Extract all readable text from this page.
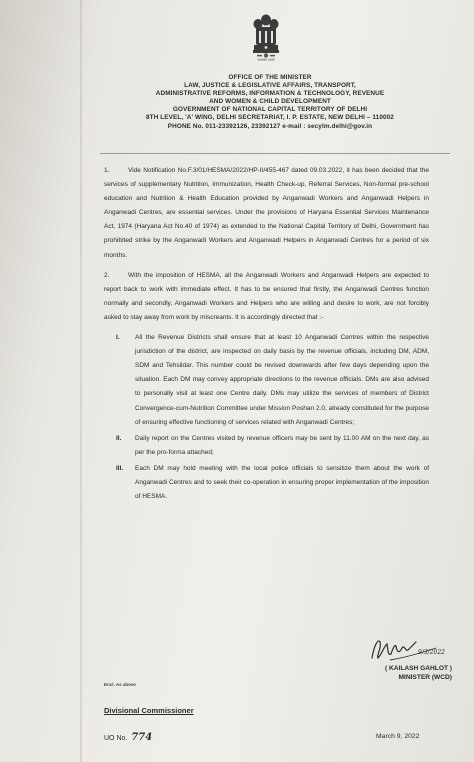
सत्यमेव जयते
OFFICE OF THE MINISTER
LAW, JUSTICE & LEGISLATIVE AFFAIRS, TRANSPORT,
ADMINISTRATIVE REFORMS, INFORMATION & TECHNOLOGY, REVENUE
AND WOMEN & CHILD DEVELOPMENT
GOVERNMENT OF NATIONAL CAPITAL TERRITORY OF DELHI
8TH LEVEL, 'A' WING, DELHI SECRETARIAT, I. P. ESTATE, NEW DELHI – 110002
PHONE No. 011-23392126, 23392127 e-mail : secylm.delhi@gov.in

1.	Vide Notification No.F.3/01/HESMA/2022/HP-II/455-467 dated 09.03.2022, it has been decided that the services of supplementary Nutrition, Immunization, Health Check-up, Referral Services, Non-formal pre-school education and Nutrition & Health Education provided by Anganwadi Workers and Anganwadi Helpers in Anganwadi Centres, are essential services. Under the provisions of Haryana Essential Services Maintenance Act, 1974 (Haryana Act No.40 of 1974) as extended to the National Capital Territory of Delhi, Government has prohibited strike by the Anganwadi Workers and Anganwadi Helpers in Anganwadi Centres for a period of six months.

2.	With the imposition of HESMA, all the Anganwadi Workers and Anganwadi Helpers are expected to report back to work with immediate effect. It has to be ensured that firstly, the Anganwadi Centres function normally and secondly, Anganwadi Workers and Helpers who are willing and desire to work, are not forcibly asked to stay away from work by miscreants. It is accordingly directed that :-

I. All the Revenue Districts shall ensure that at least 10 Anganwadi Centres within the respective jurisdiction of the district, are inspected on daily basis by the revenue officials, including DM, ADM, SDM and Tehsildar. This number could be revised downwards after few days depending upon the situation. Each DM may convey appropriate directions to the revenue officials. DMs are also advised to personally visit at least one Centre daily. DMs may utilize the services of members of District Convergence-cum-Nutrition Committee under Mission Poshan 2.0, already constituted for the purpose of ensuring effective functioning of services related with Anganwadi Centres;
II. Daily report on the Centres visited by revenue officers may be sent by 11.00 AM on the next day, as per the pro-forma attached;
III. Each DM may hold meeting with the local police officials to sensitize them about the work of Anganwadi Centres and to seek their co-operation in ensuring proper implementation of the imposition of HESMA.
9/3/2022
( KAILASH GAHLOT )
MINISTER (WCD)
Encl. As above
Divisional Commissioner
UO No. 774	March 9, 2022
